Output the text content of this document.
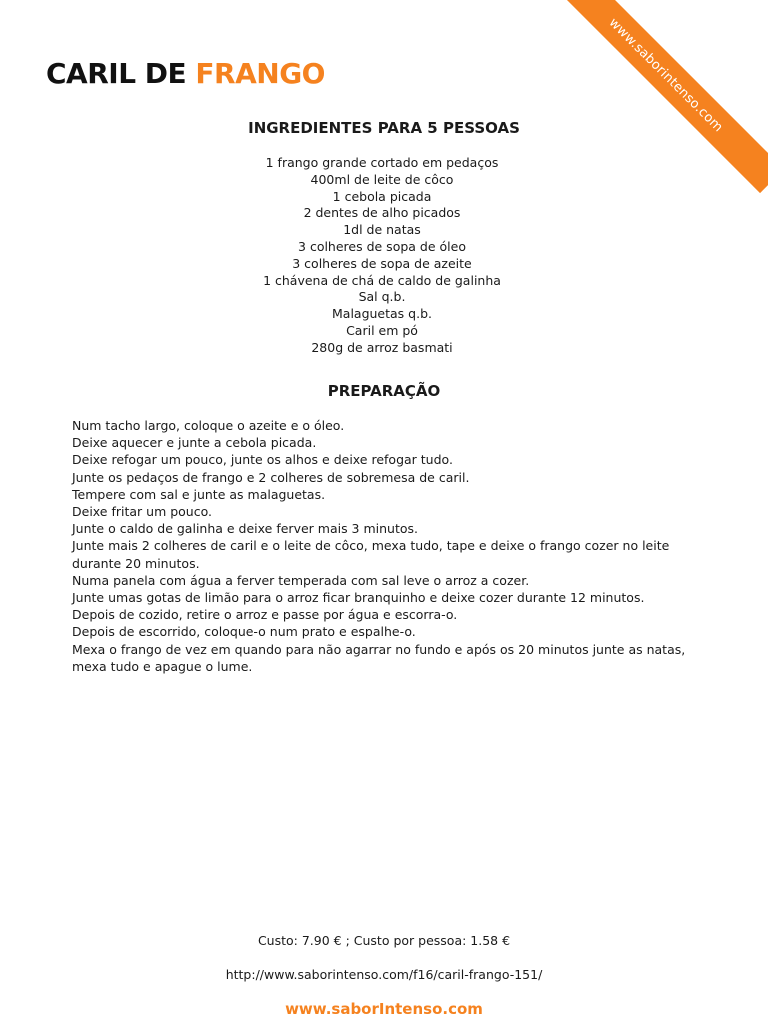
www.saborintenso.com
CARIL DE FRANGO
INGREDIENTES PARA 5 PESSOAS
1 frango grande cortado em pedaços
400ml de leite de côco
1 cebola picada
2 dentes de alho picados
1dl de natas
3 colheres de sopa de óleo
3 colheres de sopa de azeite
1 chávena de chá de caldo de galinha
Sal q.b.
Malaguetas q.b.
Caril em pó
280g de arroz basmati
PREPARAÇÃO
Num tacho largo, coloque o azeite e o óleo.
Deixe aquecer e junte a cebola picada.
Deixe refogar um pouco, junte os alhos e deixe refogar tudo.
Junte os pedaços de frango e 2 colheres de sobremesa de caril.
Tempere com sal e junte as malaguetas.
Deixe fritar um pouco.
Junte o caldo de galinha e deixe ferver mais 3 minutos.
Junte mais 2 colheres de caril e o leite de côco, mexa tudo, tape e deixe o frango cozer no leite durante 20 minutos.
Numa panela com água a ferver temperada com sal leve o arroz a cozer.
Junte umas gotas de limão para o arroz ficar branquinho e deixe cozer durante 12 minutos.
Depois de cozido, retire o arroz e passe por água e escorra-o.
Depois de escorrido, coloque-o num prato e espalhe-o.
Mexa o frango de vez em quando para não agarrar no fundo e após os 20 minutos junte as natas, mexa tudo e apague o lume.
Custo: 7.90 € ; Custo por pessoa: 1.58 €
http://www.saborintenso.com/f16/caril-frango-151/
www.saborIntenso.com
